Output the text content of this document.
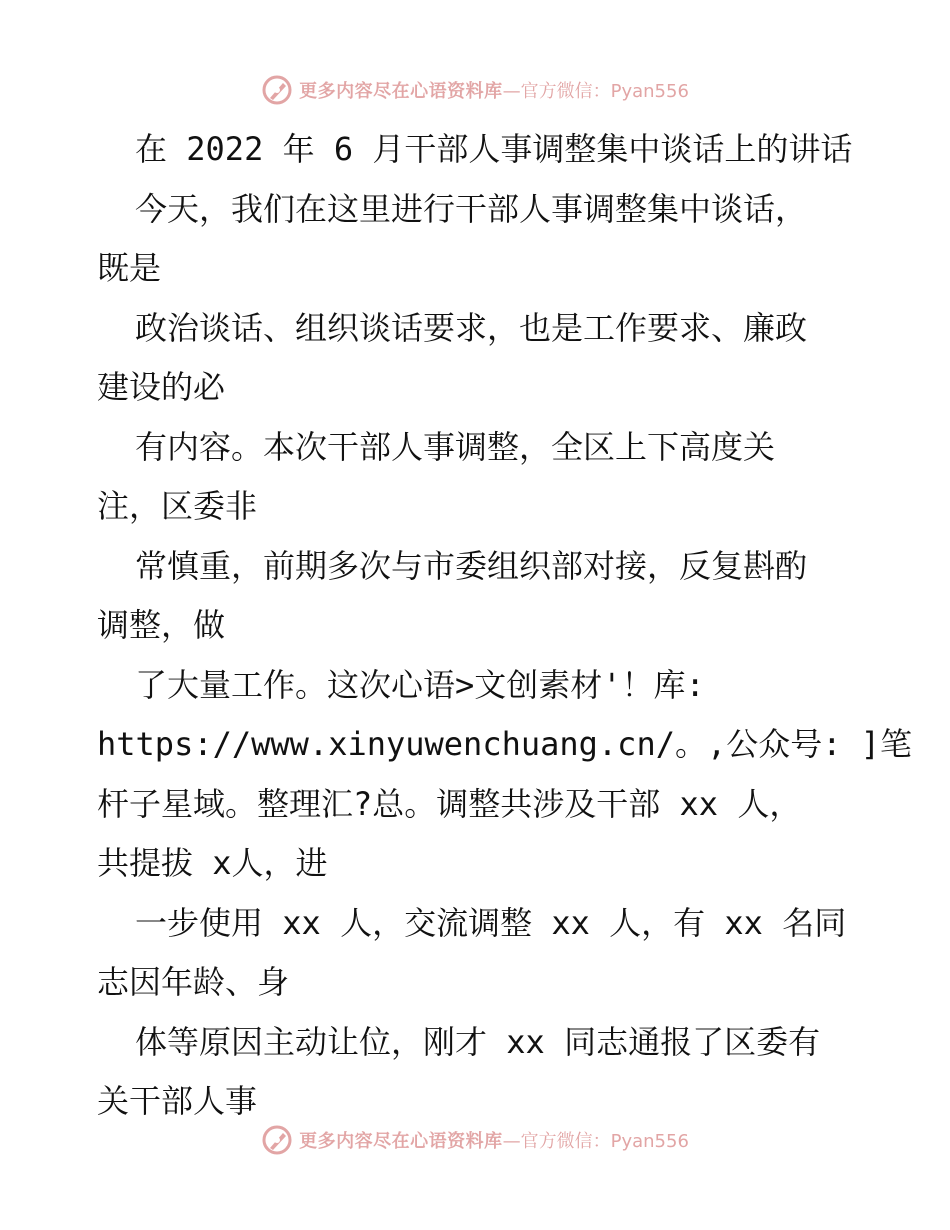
更多内容尽在心语资料库 —官方微信：Pyan556
在 2022 年 6 月干部人事调整集中谈话上的讲话
今天，我们在这里进行干部人事调整集中谈话，
既是
政治谈话、组织谈话要求，也是工作要求、廉政
建设的必
有内容。本次干部人事调整，全区上下高度关
注，区委非
常慎重，前期多次与市委组织部对接，反复斟酌
调整，做
了大量工作。这次心语>文创素材'！库:
https://www.xinyuwenchuang.cn/。,公众号: ]笔
杆子星域。整理汇?总。调整共涉及干部 xx 人，
共提拔 x人，进
一步使用 xx 人，交流调整 xx 人，有 xx 名同
志因年龄、身
体等原因主动让位，刚才 xx 同志通报了区委有
关干部人事
更多内容尽在心语资料库 —官方微信：Pyan556
